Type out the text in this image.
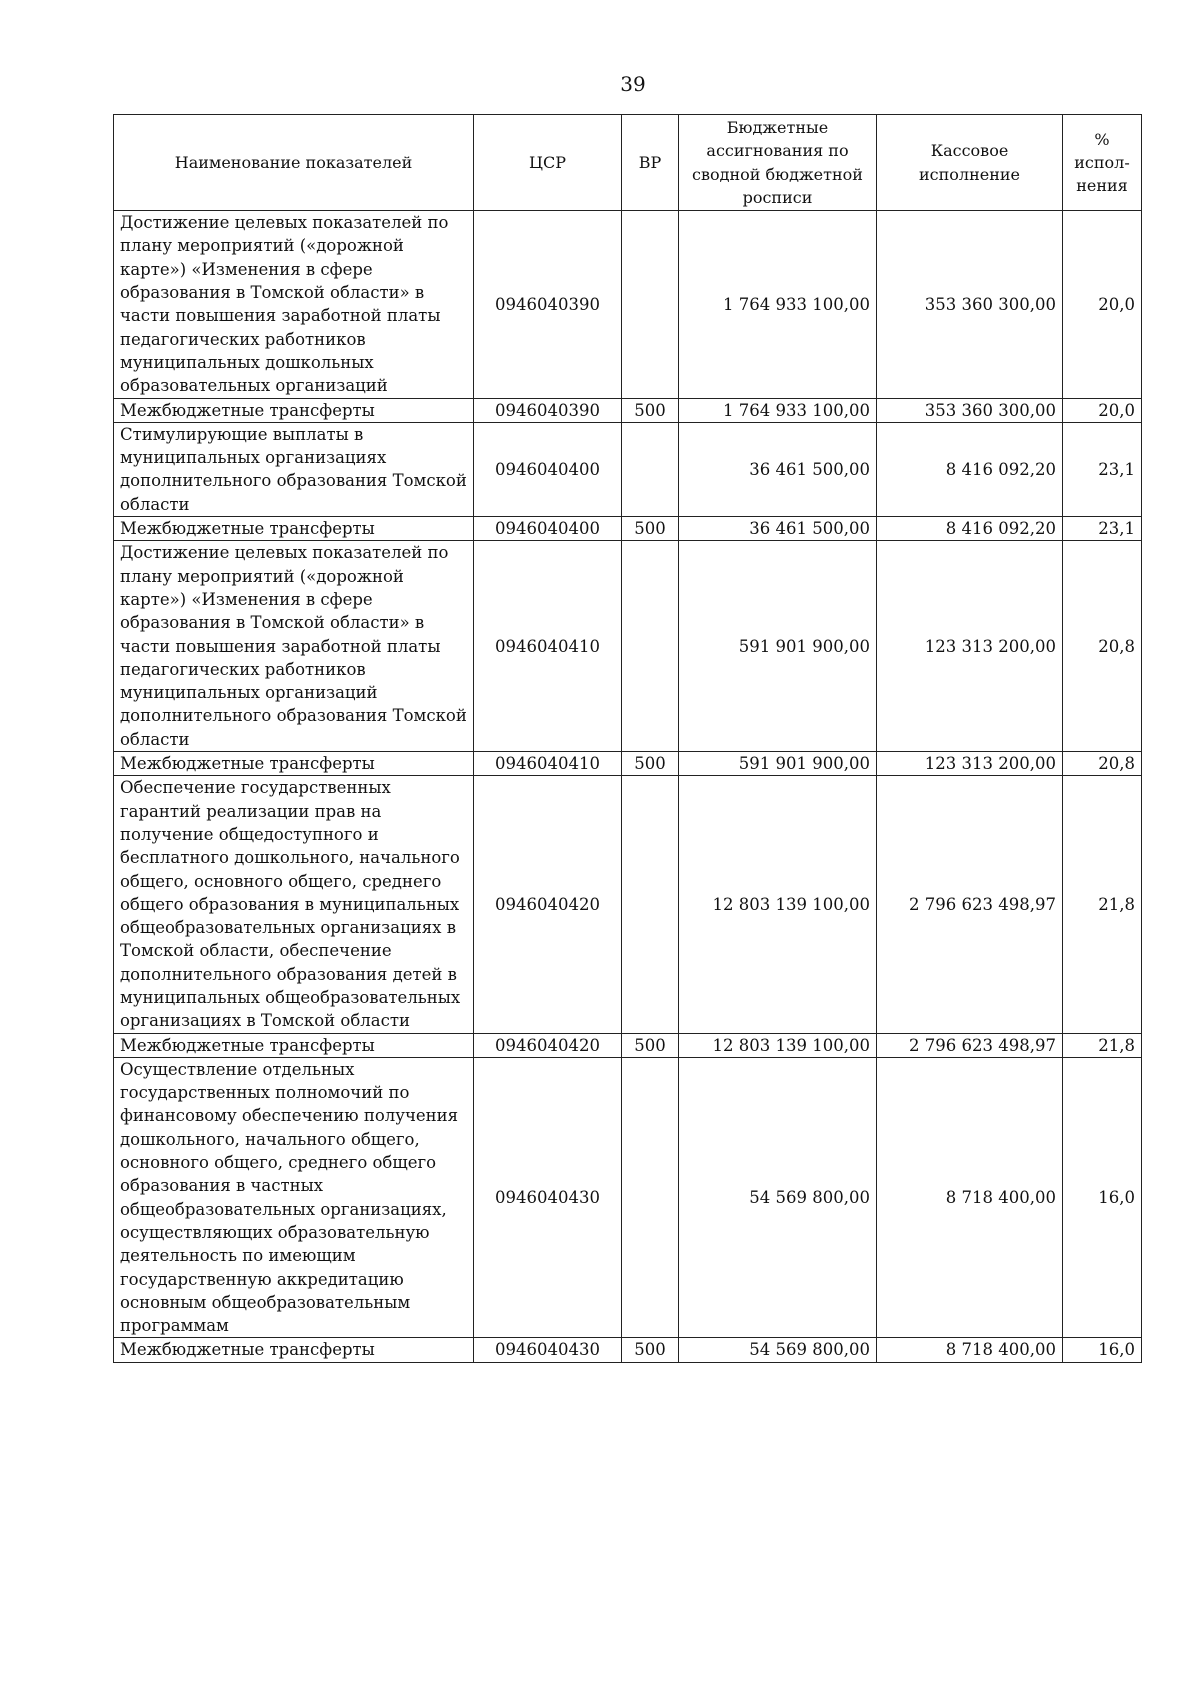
39
Наименование показателей	ЦСР	ВР	Бюджетные ассигнования по сводной бюджетной росписи	Кассовое исполнение	% испол-нения
Достижение целевых показателей по плану мероприятий («дорожной карте») «Изменения в сфере образования в Томской области» в части повышения заработной платы педагогических работников муниципальных дошкольных образовательных организаций	0946040390		1 764 933 100,00	353 360 300,00	20,0
Межбюджетные трансферты	0946040390	500	1 764 933 100,00	353 360 300,00	20,0
Стимулирующие выплаты в муниципальных организациях дополнительного образования Томской области	0946040400		36 461 500,00	8 416 092,20	23,1
Межбюджетные трансферты	0946040400	500	36 461 500,00	8 416 092,20	23,1
Достижение целевых показателей по плану мероприятий («дорожной карте») «Изменения в сфере образования в Томской области» в части повышения заработной платы педагогических работников муниципальных организаций дополнительного образования Томской области	0946040410		591 901 900,00	123 313 200,00	20,8
Межбюджетные трансферты	0946040410	500	591 901 900,00	123 313 200,00	20,8
Обеспечение государственных гарантий реализации прав на получение общедоступного и бесплатного дошкольного, начального общего, основного общего, среднего общего образования в муниципальных общеобразовательных организациях в Томской области, обеспечение дополнительного образования детей в муниципальных общеобразовательных организациях в Томской области	0946040420		12 803 139 100,00	2 796 623 498,97	21,8
Межбюджетные трансферты	0946040420	500	12 803 139 100,00	2 796 623 498,97	21,8
Осуществление отдельных государственных полномочий по финансовому обеспечению получения дошкольного, начального общего, основного общего, среднего общего образования в частных общеобразовательных организациях, осуществляющих образовательную деятельность по имеющим государственную аккредитацию основным общеобразовательным программам	0946040430		54 569 800,00	8 718 400,00	16,0
Межбюджетные трансферты	0946040430	500	54 569 800,00	8 718 400,00	16,0
